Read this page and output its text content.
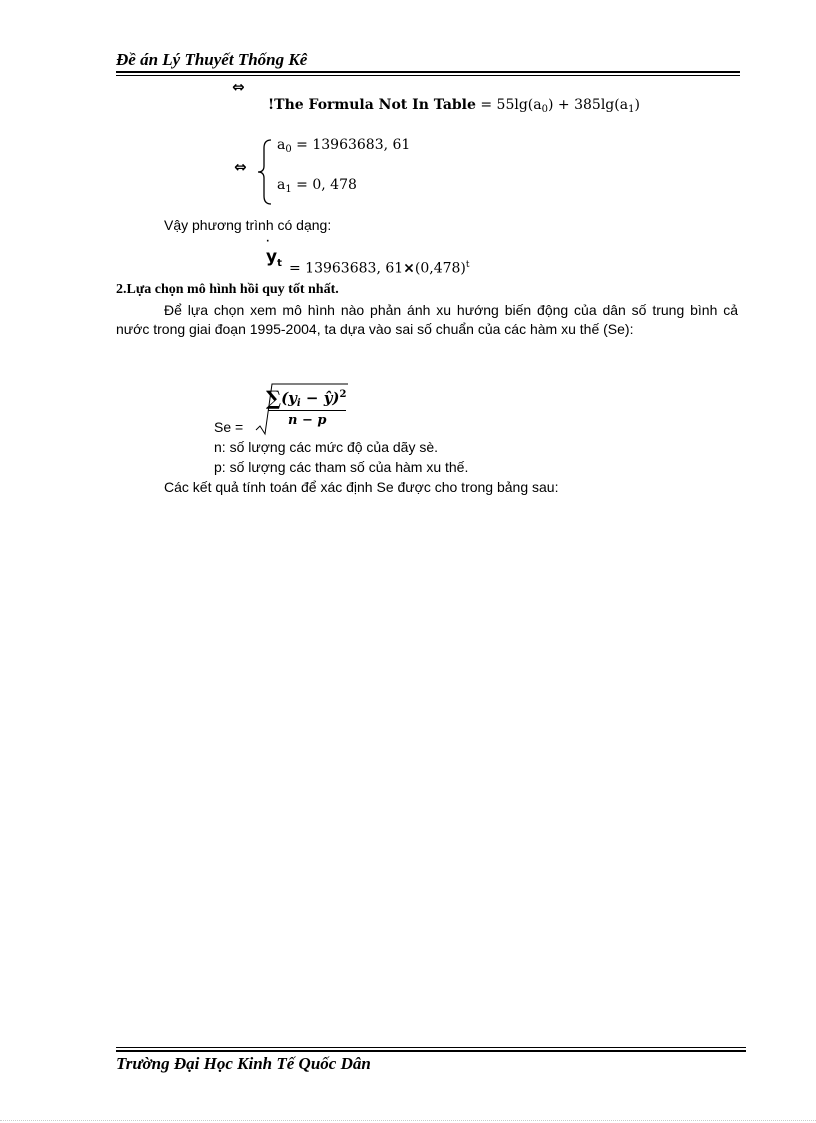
Đề án Lý Thuyết Thống Kê
⇔
!The Formula Not In Table = $55\lg(a_0) + 385\lg(a_1)$
⇔
$a_0 = 13963683$, 61
$a_1 = 0$, 478
Vậy phương trình có dạng:
·
$y_t = 13963683$, $61\times(0,478)^t$
2.Lựa chọn mô hình hồi quy tốt nhất.
Để lựa chọn xem mô hình nào phản ánh xu hướng biến động của dân số trung bình cả nước trong giai đoạn 1995-2004, ta dựa vào sai số chuẩn của các hàm xu thế (Se):
Se =
$\sum(y_i$ − ŷ)$^2$
n − p
n: số lượng các mức độ của dãy sè.
p: số lượng các tham số của hàm xu thế.
Các kết quả tính toán để xác định Se được cho trong bảng sau:
Trường Đại Học Kinh Tế Quốc Dân
